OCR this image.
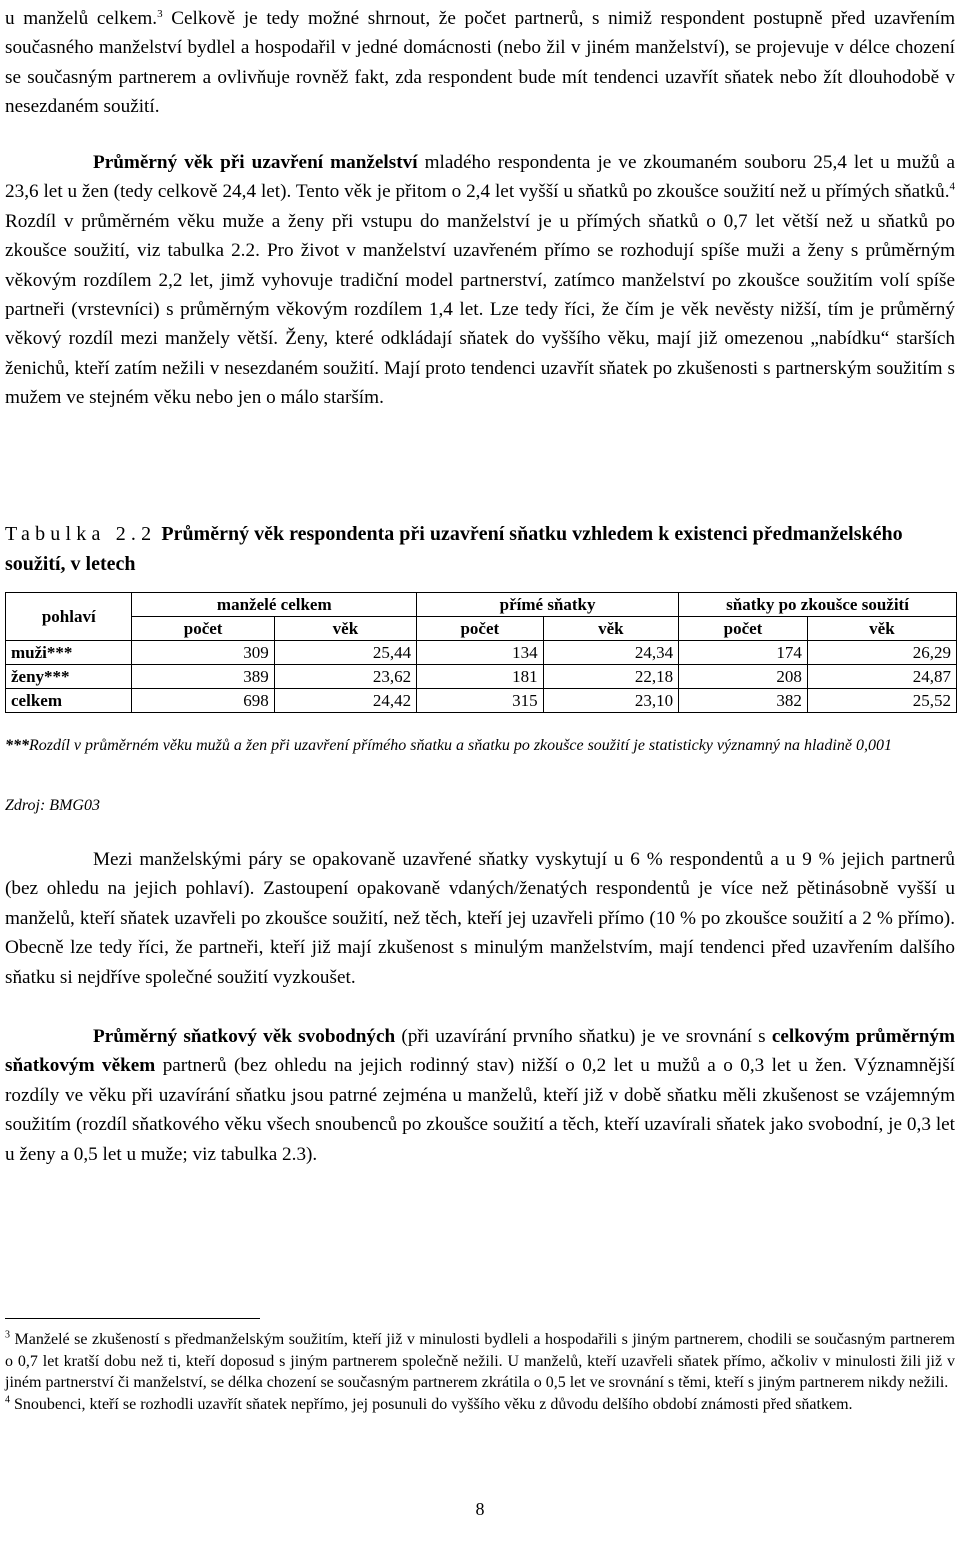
u manželů celkem.$^3$ Celkově je tedy možné shrnout, že počet partnerů, s nimiž respondent postupně před uzavřením současného manželství bydlel a hospodařil v jedné domácnosti (nebo žil v jiném manželství), se projevuje v délce chození se současným partnerem a ovlivňuje rovněž fakt, zda respondent bude mít tendenci uzavřít sňatek nebo žít dlouhodobě v nesezdaném soužití.

Průměrný věk při uzavření manželství mladého respondenta je ve zkoumaném souboru 25,4 let u mužů a 23,6 let u žen (tedy celkově 24,4 let). Tento věk je přitom o 2,4 let vyšší u sňatků po zkoušce soužití než u přímých sňatků.$^4$ Rozdíl v průměrném věku muže a ženy při vstupu do manželství je u přímých sňatků o 0,7 let větší než u sňatků po zkoušce soužití, viz tabulka 2.2. Pro život v manželství uzavřeném přímo se rozhodují spíše muži a ženy s průměrným věkovým rozdílem 2,2 let, jimž vyhovuje tradiční model partnerství, zatímco manželství po zkoušce soužitím volí spíše partneři (vrstevníci) s průměrným věkovým rozdílem 1,4 let. Lze tedy říci, že čím je věk nevěsty nižší, tím je průměrný věkový rozdíl mezi manžely větší. Ženy, které odkládají sňatek do vyššího věku, mají již omezenou „nabídku“ starších ženichů, kteří zatím nežili v nesezdaném soužití. Mají proto tendenci uzavřít sňatek po zkušenosti s partnerským soužitím s mužem ve stejném věku nebo jen o málo starším.

Tabulka 2.2 Průměrný věk respondenta při uzavření sňatku vzhledem k existenci předmanželského soužití, v letech
pohlaví	manželé celkem		přímé sňatky		sňatky po zkoušce soužití	
	počet	věk	počet	věk	počet	věk
muži***	309	25,44	134	24,34	174	26,29
ženy***	389	23,62	181	22,18	208	24,87
celkem	698	24,42	315	23,10	382	25,52

***Rozdíl v průměrném věku mužů a žen při uzavření přímého sňatku a sňatku po zkoušce soužití je statisticky významný na hladině 0,001

Zdroj: BMG03

Mezi manželskými páry se opakovaně uzavřené sňatky vyskytují u 6 % respondentů a u 9 % jejich partnerů (bez ohledu na jejich pohlaví). Zastoupení opakovaně vdaných/ženatých respondentů je více než pětinásobně vyšší u manželů, kteří sňatek uzavřeli po zkoušce soužití, než těch, kteří jej uzavřeli přímo (10 % po zkoušce soužití a 2 % přímo). Obecně lze tedy říci, že partneři, kteří již mají zkušenost s minulým manželstvím, mají tendenci před uzavřením dalšího sňatku si nejdříve společné soužití vyzkoušet.

Průměrný sňatkový věk svobodných (při uzavírání prvního sňatku) je ve srovnání s celkovým průměrným sňatkovým věkem partnerů (bez ohledu na jejich rodinný stav) nižší o 0,2 let u mužů a o 0,3 let u žen. Významnější rozdíly ve věku při uzavírání sňatku jsou patrné zejména u manželů, kteří již v době sňatku měli zkušenost se vzájemným soužitím (rozdíl sňatkového věku všech snoubenců po zkoušce soužití a těch, kteří uzavírali sňatek jako svobodní, je 0,3 let u ženy a 0,5 let u muže; viz tabulka 2.3).

$^3$ Manželé se zkušeností s předmanželským soužitím, kteří již v minulosti bydleli a hospodařili s jiným partnerem, chodili se současným partnerem o 0,7 let kratší dobu než ti, kteří doposud s jiným partnerem společně nežili. U manželů, kteří uzavřeli sňatek přímo, ačkoliv v minulosti žili již v jiném partnerství či manželství, se délka chození se současným partnerem zkrátila o 0,5 let ve srovnání s těmi, kteří s jiným partnerem nikdy nežili.

$^4$ Snoubenci, kteří se rozhodli uzavřít sňatek nepřímo, jej posunuli do vyššího věku z důvodu delšího období známosti před sňatkem.

8
